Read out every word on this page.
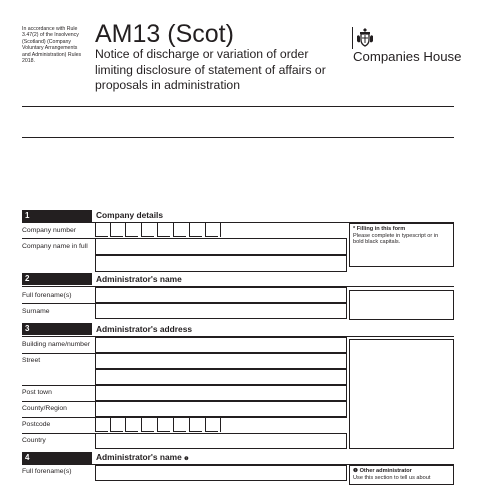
In accordance with Rule 3.47(2) of the Insolvency (Scotland) (Company Voluntary Arrangements and Administration) Rules 2018.
AM13 (Scot)
Notice of discharge or variation of order limiting disclosure of statement of affairs or proposals in administration
Companies House
1	Company details
Company number
Company name in full
* Filling in this form
Please complete in typescript or in bold black capitals.
2	Administrator's name
Full forename(s)
Surname
3	Administrator's address
Building name/number
Street
Post town
County/Region
Postcode
Country
4	Administrator's name ❶
Full forename(s)	❶ Other administrator
Use this section to tell us about
